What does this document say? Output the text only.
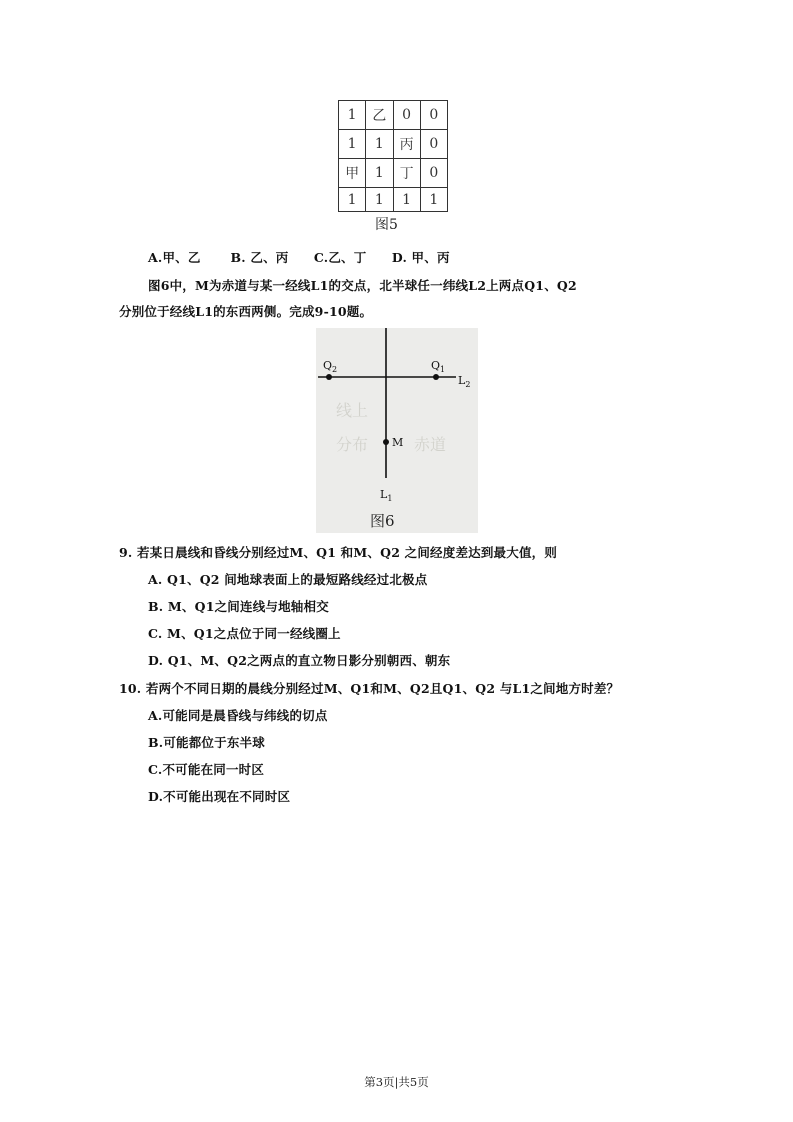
1	乙	0	0
1	1	丙	0
甲	1	丁	0
1	1	1	1
图5
A.甲、乙　　 B. 乙、丙　　C.乙、丁　　D. 甲、丙
图6中，M为赤道与某一经线L1的交点，北半球任一纬线L2上两点Q1、Q2
分别位于经线L1的东西两侧。完成9-10题。
线上
分布	赤道
$Q_2$	$Q_1$
$L_2$
M
$L_1$
图6
9. 若某日晨线和昏线分别经过M、Q1 和M、Q2 之间经度差达到最大值，则
A. Q1、Q2 间地球表面上的最短路线经过北极点
B. M、Q1之间连线与地轴相交
C. M、Q1之点位于同一经线圈上
D. Q1、M、Q2之两点的直立物日影分别朝西、朝东
10. 若两个不同日期的晨线分别经过M、Q1和M、Q2且Q1、Q2 与L1之间地方时差？
A.可能同是晨昏线与纬线的切点
B.可能都位于东半球
C.不可能在同一时区
D.不可能出现在不同时区
第3页|共5页
